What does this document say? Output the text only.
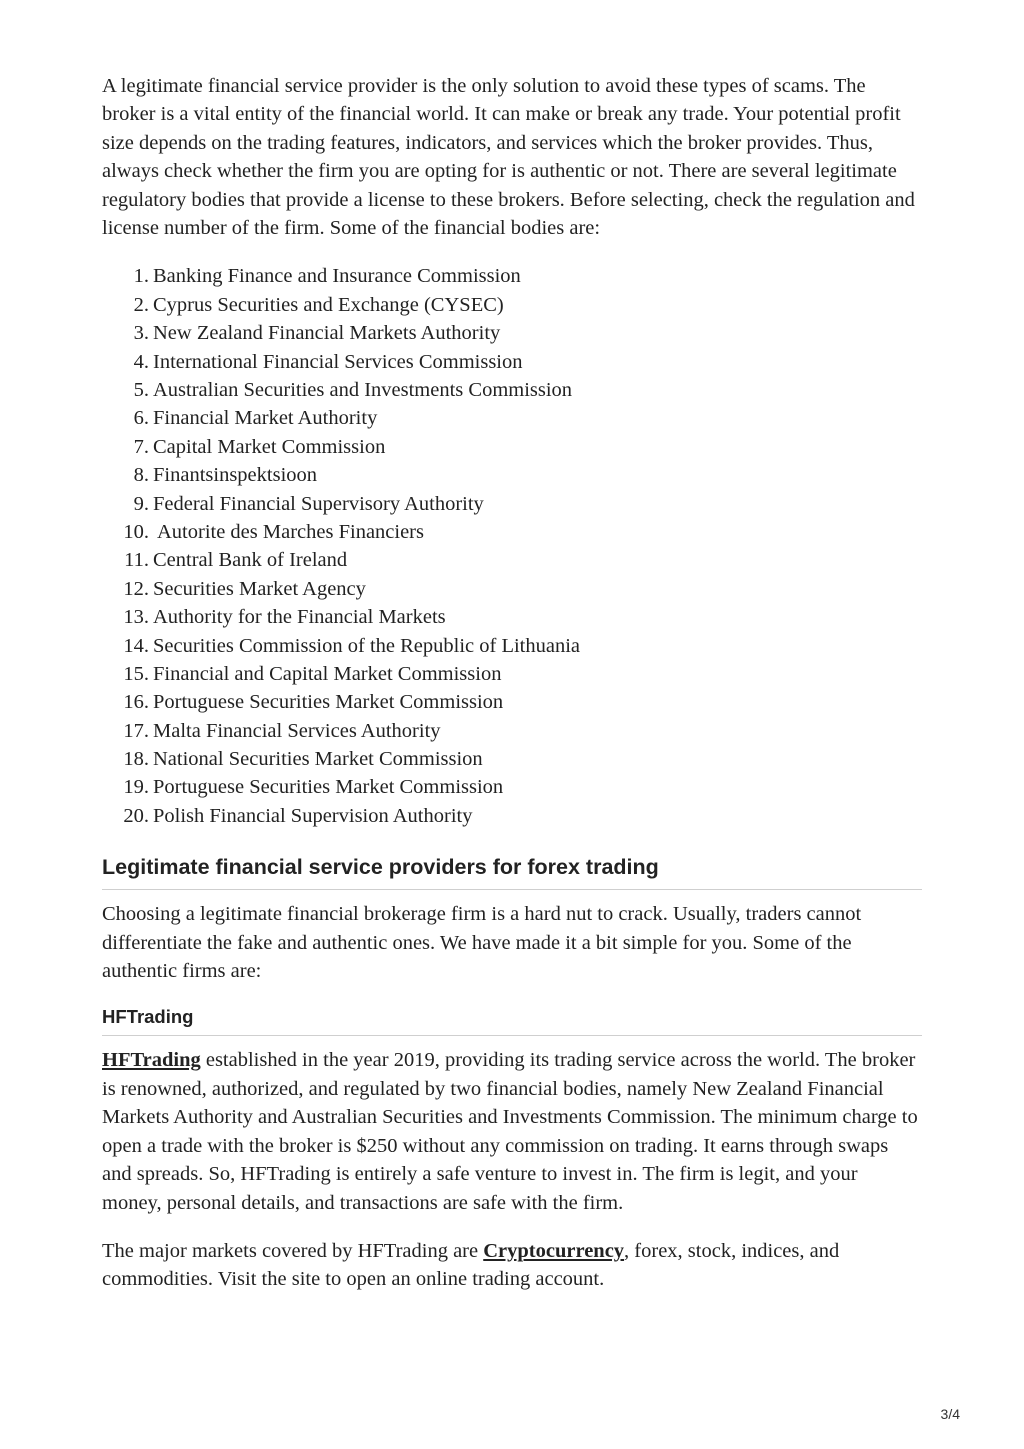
A legitimate financial service provider is the only solution to avoid these types of scams. The broker is a vital entity of the financial world. It can make or break any trade. Your potential profit size depends on the trading features, indicators, and services which the broker provides. Thus, always check whether the firm you are opting for is authentic or not. There are several legitimate regulatory bodies that provide a license to these brokers. Before selecting, check the regulation and license number of the firm. Some of the financial bodies are:

1. Banking Finance and Insurance Commission
2. Cyprus Securities and Exchange (CYSEC)
3. New Zealand Financial Markets Authority
4. International Financial Services Commission
5. Australian Securities and Investments Commission
6. Financial Market Authority
7. Capital Market Commission
8. Finantsinspektsioon
9. Federal Financial Supervisory Authority
10. Autorite des Marches Financiers
11. Central Bank of Ireland
12. Securities Market Agency
13. Authority for the Financial Markets
14. Securities Commission of the Republic of Lithuania
15. Financial and Capital Market Commission
16. Portuguese Securities Market Commission
17. Malta Financial Services Authority
18. National Securities Market Commission
19. Portuguese Securities Market Commission
20. Polish Financial Supervision Authority
Legitimate financial service providers for forex trading

Choosing a legitimate financial brokerage firm is a hard nut to crack. Usually, traders cannot differentiate the fake and authentic ones. We have made it a bit simple for you. Some of the authentic firms are:

HFTrading

HFTrading established in the year 2019, providing its trading service across the world. The broker is renowned, authorized, and regulated by two financial bodies, namely New Zealand Financial Markets Authority and Australian Securities and Investments Commission. The minimum charge to open a trade with the broker is $250 without any commission on trading. It earns through swaps and spreads. So, HFTrading is entirely a safe venture to invest in. The firm is legit, and your money, personal details, and transactions are safe with the firm.

The major markets covered by HFTrading are Cryptocurrency, forex, stock, indices, and commodities. Visit the site to open an online trading account.

3/4
